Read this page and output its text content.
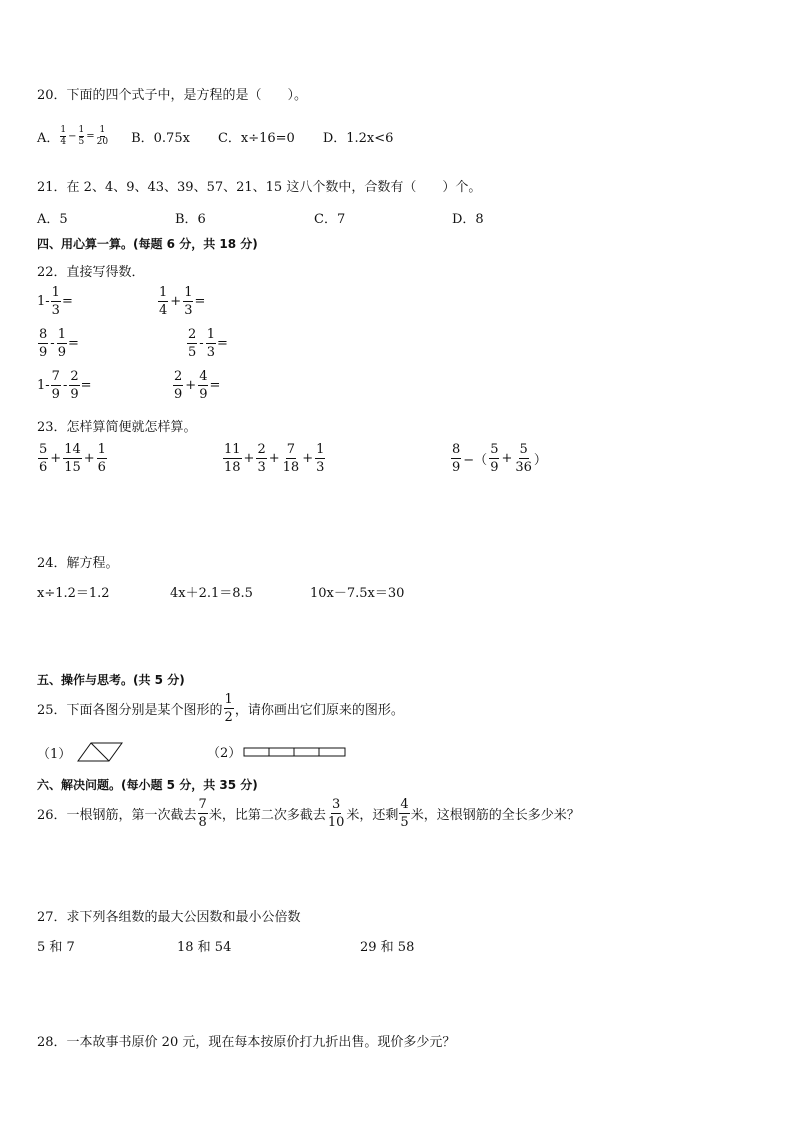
20．下面的四个式子中，是方程的是（　　）。
A． $\frac{1}{4} - \frac{1}{5} = \frac{1}{20}$ B．0.75x C．x÷16=0 D．1.2x<6
21．在 2、4、9、43、39、57、21、15 这八个数中，合数有（　　）个。
A．5	B．6	C．7	D．8
四、用心算一算。(每题 6 分，共 18 分)
22．直接写得数．
$1- \frac{1}{3}$ =	$\frac{1}{4} + \frac{1}{3}$ =
$\frac{8}{9} - \frac{1}{9}$ =	$\frac{2}{5} - \frac{1}{3}$ =
$1- \frac{7}{9} - \frac{2}{9}$ =	$\frac{2}{9} + \frac{4}{9}$ =
23．怎样算简便就怎样算。
$\frac{5}{6} + \frac{14}{15} + \frac{1}{6}$	$\frac{11}{18} + \frac{2}{3} + \frac{7}{18} + \frac{1}{3}$	$\frac{8}{9}$ −（ $\frac{5}{9} + \frac{5}{36}$ ）
24．解方程。
x÷1.2＝1.2	4x＋2.1＝8.5	10x－7.5x＝30
五、操作与思考。(共 5 分)
25．下面各图分别是某个图形的 $\frac{1}{2}$ ，请你画出它们原来的图形。
（1）	（2）
六、解决问题。(每小题 5 分，共 35 分)
26．一根钢筋，第一次截去 $\frac{7}{8}$ 米，比第二次多截去 $\frac{3}{10}$ 米，还剩 $\frac{4}{5}$ 米，这根钢筋的全长多少米？
27．求下列各组数的最大公因数和最小公倍数
5 和 7	18 和 54	29 和 58
28．一本故事书原价 20 元，现在每本按原价打九折出售。现价多少元？
